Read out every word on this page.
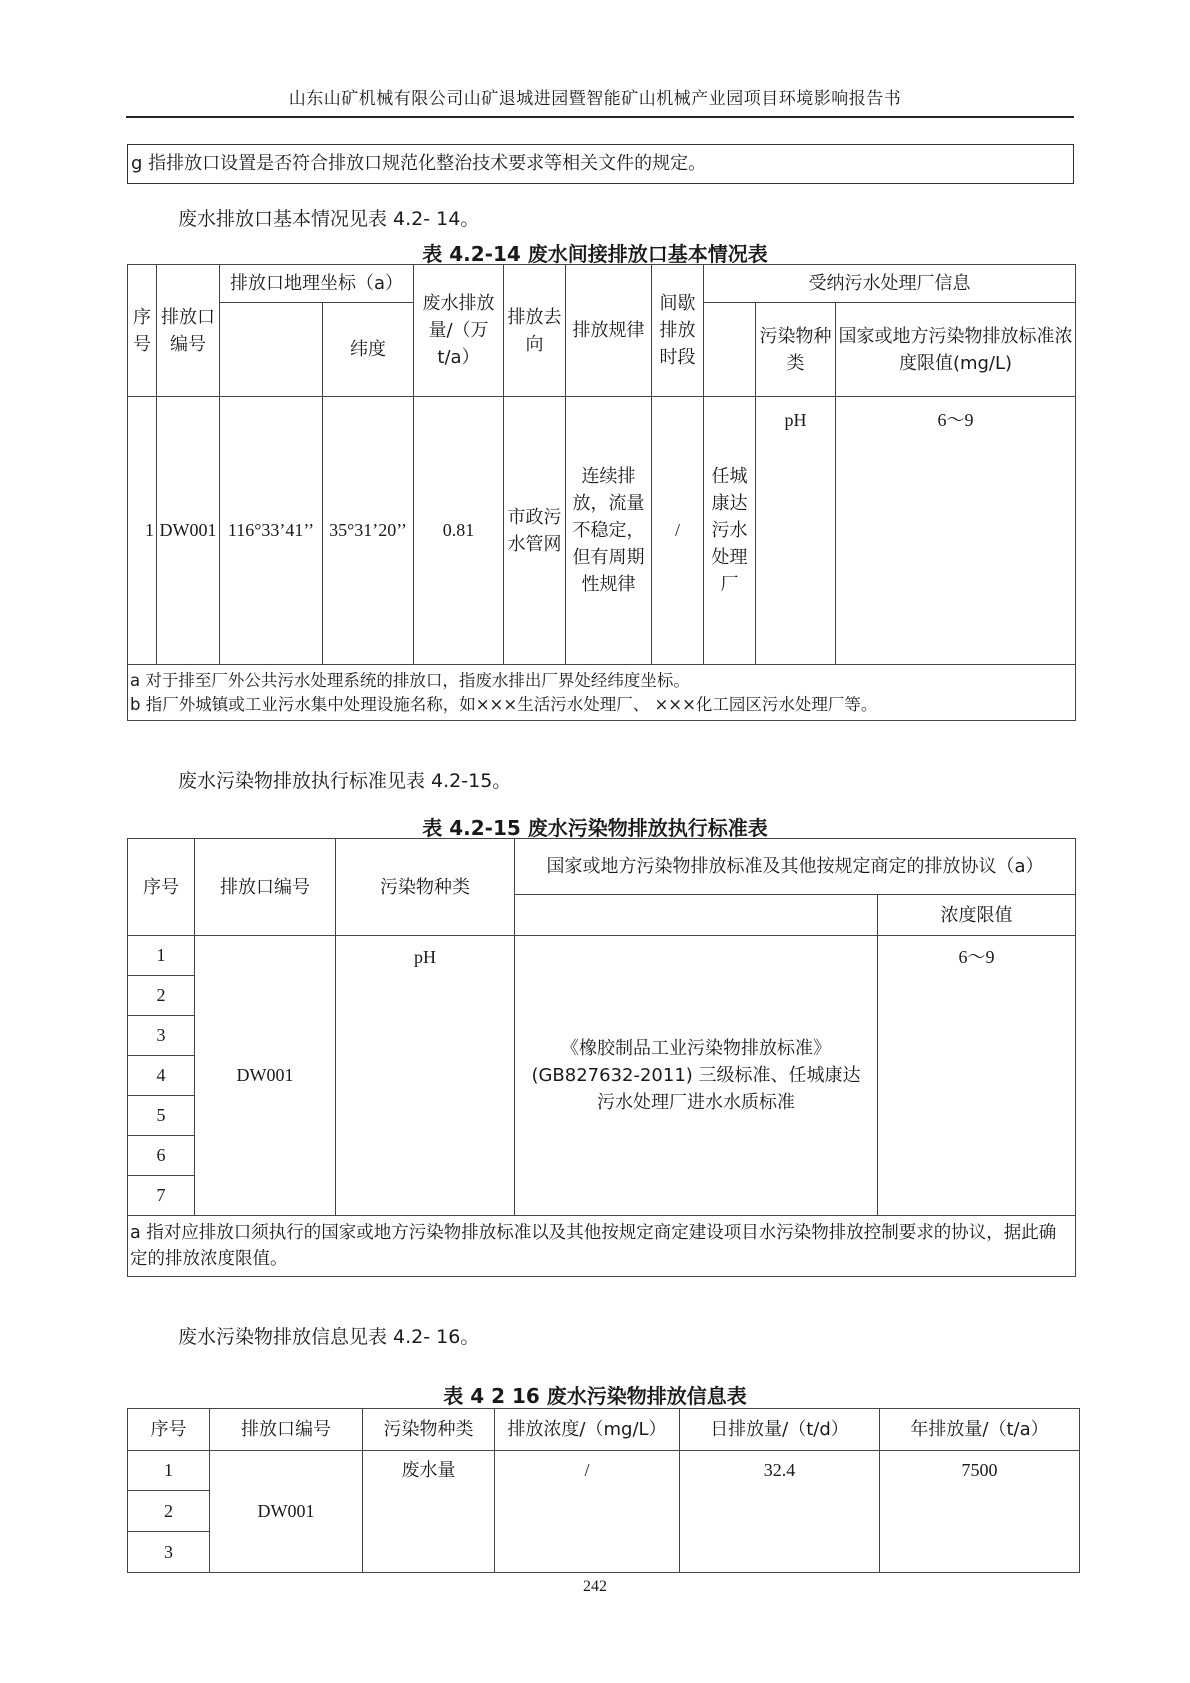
山东山矿机械有限公司山矿退城进园暨智能矿山机械产业园项目环境影响报告书
g 指排放口设置是否符合排放口规范化整治技术要求等相关文件的规定。
废水排放口基本情况见表 4.2- 14。
表 4.2-14 废水间接排放口基本情况表
序号	排放口编号	排放口地理坐标（a）		废水排放量/（万t/a）	排放去向	排放规律	间歇排放时段	受纳污水处理厂信息		
			纬度						污染物种类	国家或地方污染物排放标准浓度限值(mg/L)
1	DW001	116°33’41’’	35°31’20’’	0.81	市政污水管网	连续排放，流量不稳定，但有周期性规律	/	任城康达污水处理厂	pH	6～9

a 对于排至厂外公共污水处理系统的排放口，指废水排出厂界处经纬度坐标。
b 指厂外城镇或工业污水集中处理设施名称，如×××生活污水处理厂、 ×××化工园区污水处理厂等。										
废水污染物排放执行标准见表 4.2-15。
表 4.2-15 废水污染物排放执行标准表
序号	排放口编号	污染物种类	国家或地方污染物排放标准及其他按规定商定的排放协议（a）	
				浓度限值
1	DW001	pH	《橡胶制品工业污染物排放标准》(GB827632-2011) 三级标准、任城康达污水处理厂进水水质标准	6～9
2				
3				
4				
5				
6				
7				
a 指对应排放口须执行的国家或地方污染物排放标准以及其他按规定商定建设项目水污染物排放控制要求的协议，据此确定的排放浓度限值。				
废水污染物排放信息见表 4.2- 16。
表 4 2 16 废水污染物排放信息表
序号	排放口编号	污染物种类	排放浓度/（mg/L）	日排放量/（t/d）	年排放量/（t/a）
1	DW001	废水量	/	32.4	7500
2					
3					
242
